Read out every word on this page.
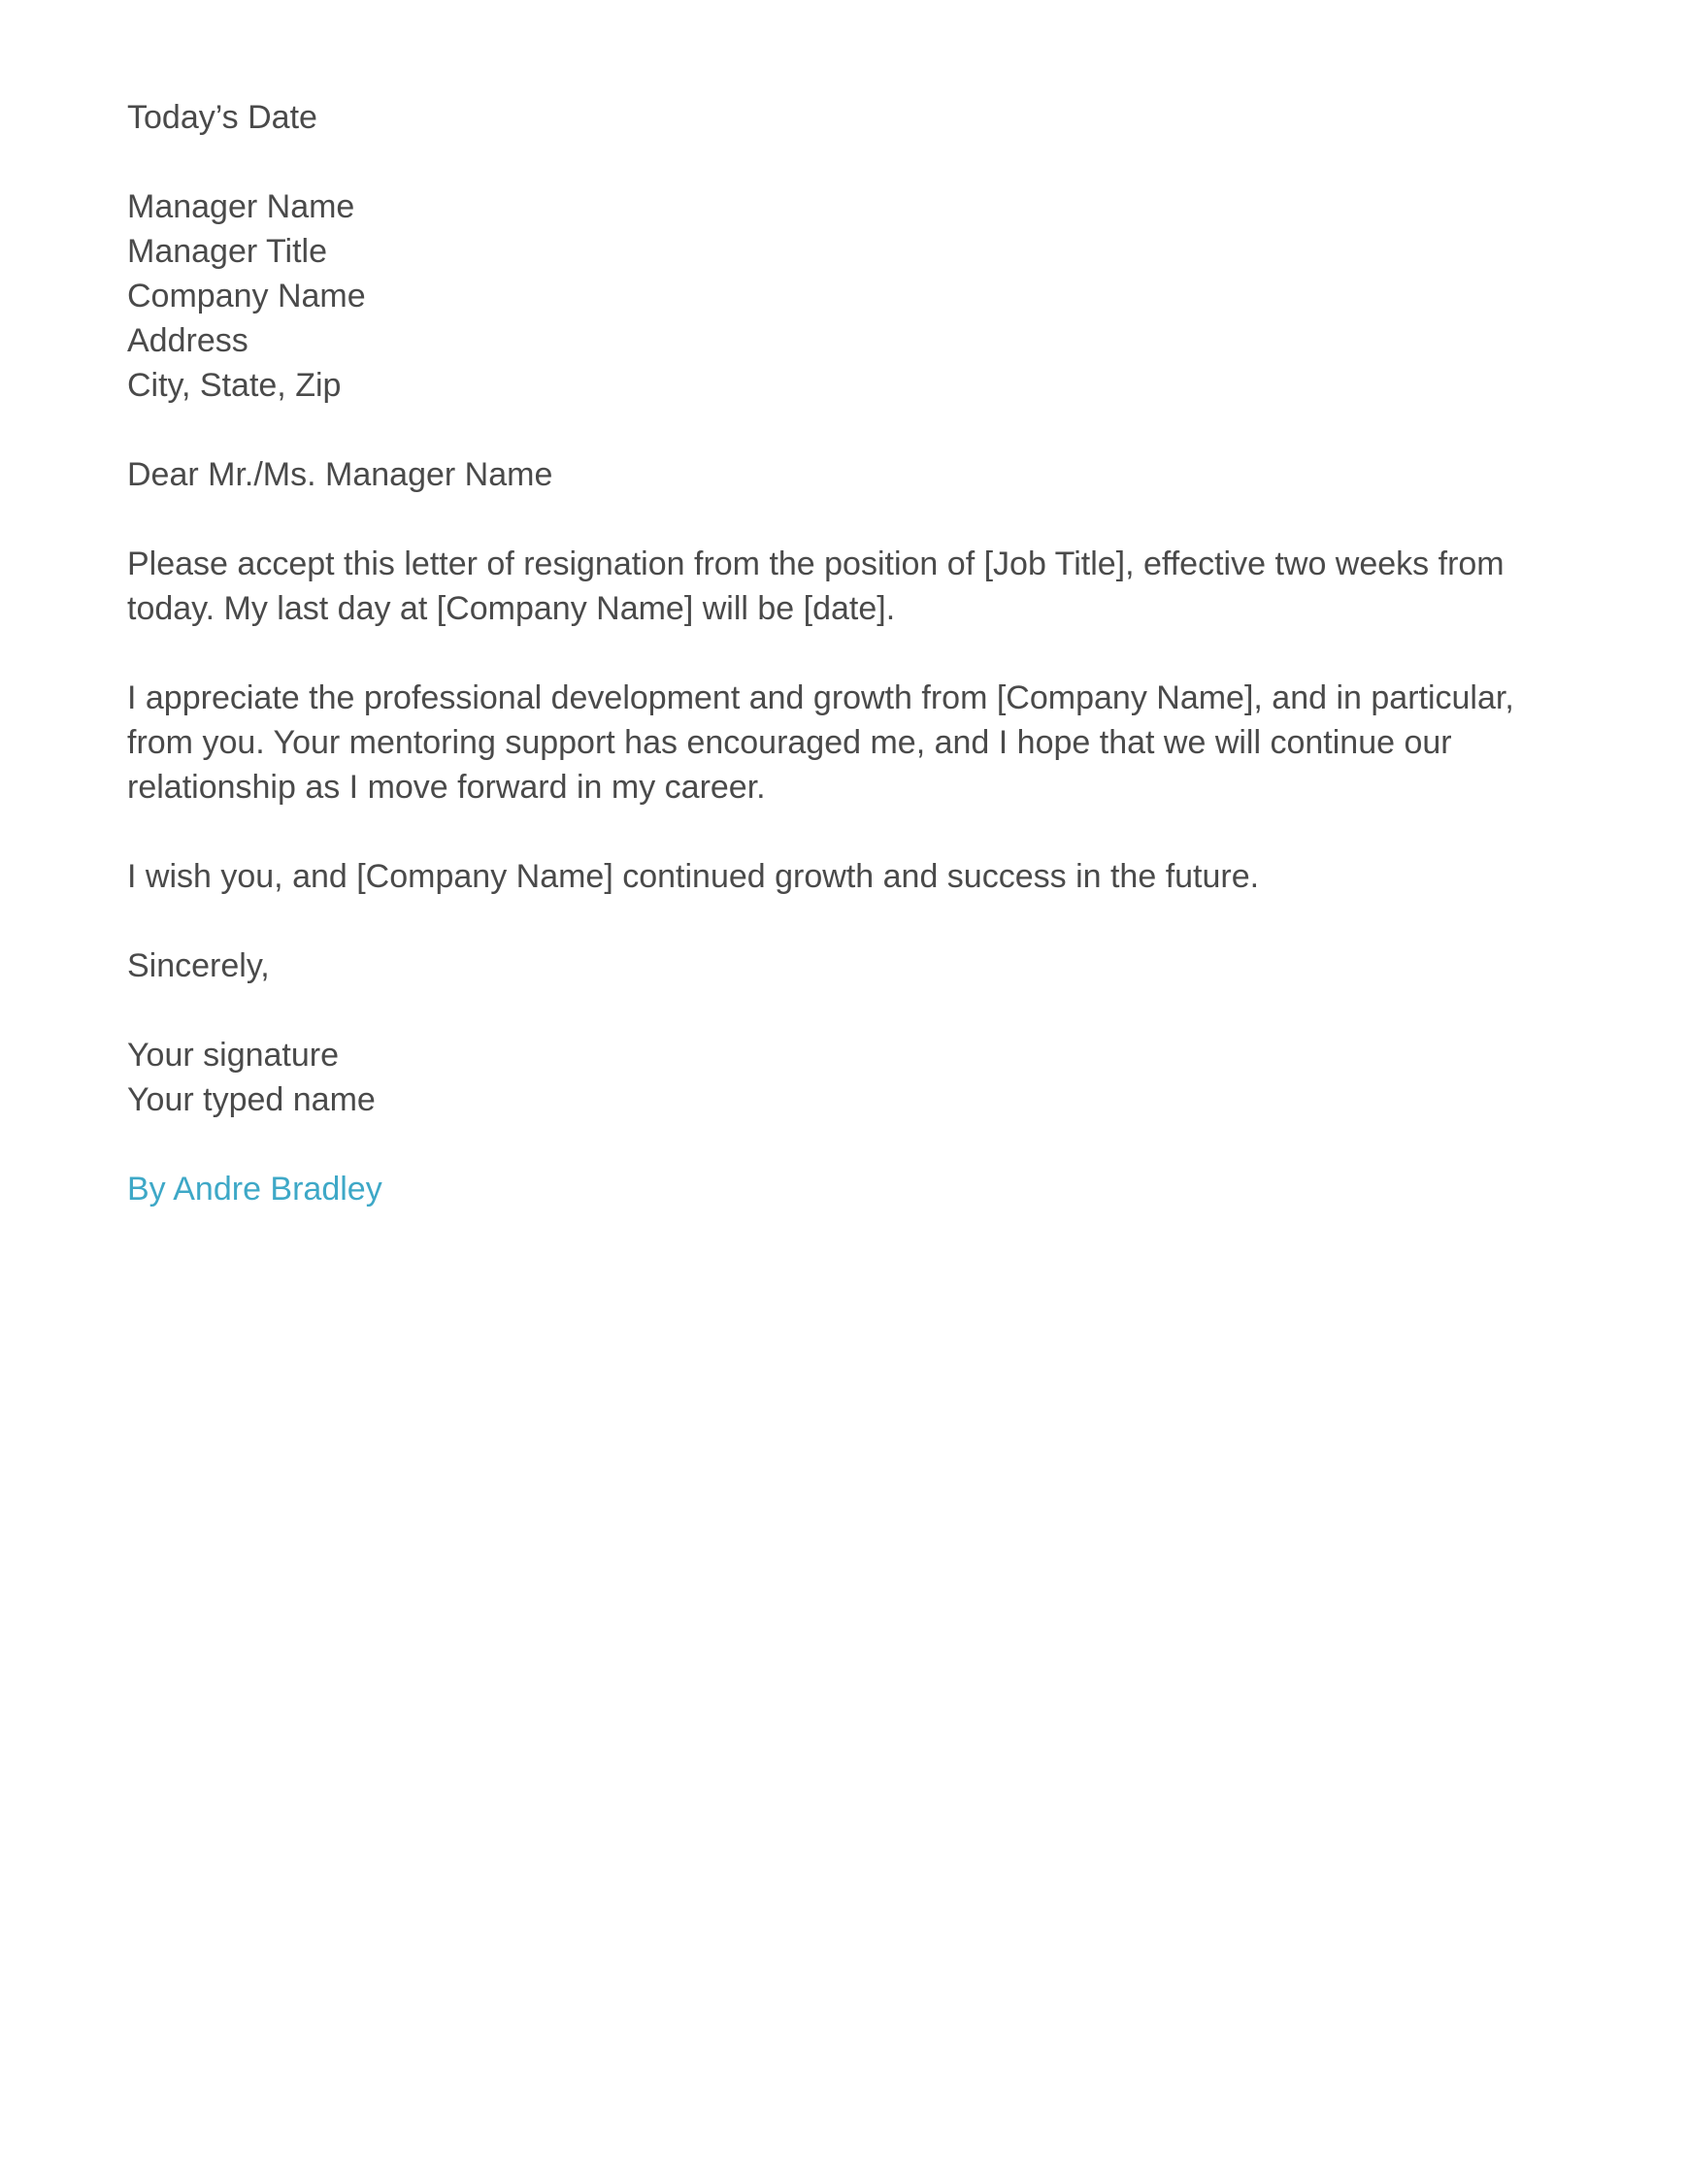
Today’s Date
Manager Name
Manager Title
Company Name
Address
City, State, Zip
Dear Mr./Ms. Manager Name

Please accept this letter of resignation from the position of [Job Title], effective two weeks from today. My last day at [Company Name] will be [date].

I appreciate the professional development and growth from [Company Name], and in particular, from you. Your mentoring support has encouraged me, and I hope that we will continue our relationship as I move forward in my career.

I wish you, and [Company Name] continued growth and success in the future.

Sincerely,
Your signature
Your typed name
By Andre Bradley
